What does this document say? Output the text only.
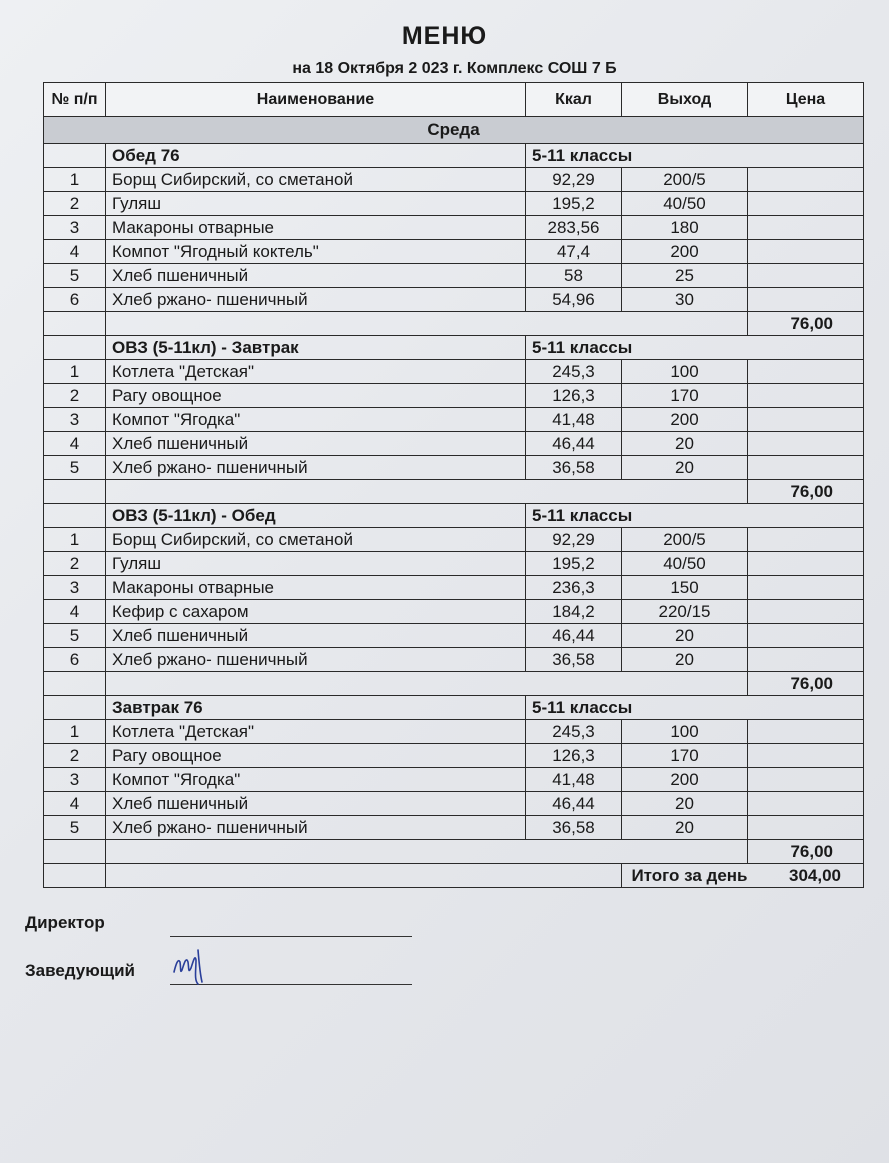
МЕНЮ
на 18 Октября 2 023 г. Комплекс СОШ 7 Б
№ п/п	Наименование	Ккал	Выход	Цена
Среда				
	Обед 76	5-11 классы		
1	Борщ Сибирский, со сметаной	92,29	200/5	
2	Гуляш	195,2	40/50	
3	Макароны отварные	283,56	180	
4	Компот "Ягодный коктель"	47,4	200	
5	Хлеб пшеничный	58	25	
6	Хлеб ржано- пшеничный	54,96	30	
				76,00
	ОВЗ (5-11кл) - Завтрак	5-11 классы		
1	Котлета "Детская"	245,3	100	
2	Рагу овощное	126,3	170	
3	Компот "Ягодка"	41,48	200	
4	Хлеб пшеничный	46,44	20	
5	Хлеб ржано- пшеничный	36,58	20	
				76,00
	ОВЗ (5-11кл) - Обед	5-11 классы		
1	Борщ Сибирский, со сметаной	92,29	200/5	
2	Гуляш	195,2	40/50	
3	Макароны отварные	236,3	150	
4	Кефир с сахаром	184,2	220/15	
5	Хлеб пшеничный	46,44	20	
6	Хлеб ржано- пшеничный	36,58	20	
				76,00
	Завтрак 76	5-11 классы		
1	Котлета "Детская"	245,3	100	
2	Рагу овощное	126,3	170	
3	Компот "Ягодка"	41,48	200	
4	Хлеб пшеничный	46,44	20	
5	Хлеб ржано- пшеничный	36,58	20	
				76,00
			Итого за день	304,00
Директор
Заведующий
